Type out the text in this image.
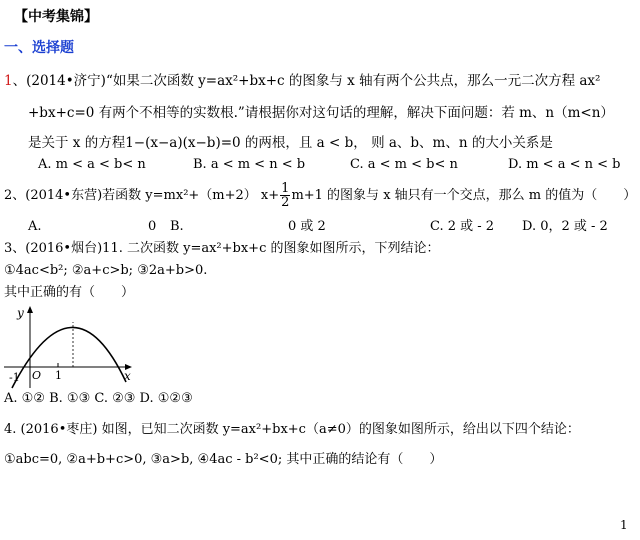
【中考集锦】
一、选择题
1、(2014•济宁)“如果二次函数 y=ax²+bx+c 的图象与 x 轴有两个公共点，那么一元二次方程 ax²
+bx+c=0 有两个不相等的实数根.”请根据你对这句话的理解，解决下面问题：若 m、n（m<n）
是关于 x 的方程1−(x−a)(x−b)=0 的两根，且 a < b， 则 a、b、m、n 的大小关系是
A. m < a < b< n	B. a < m < n < b	C. a < m < b< n	D. m < a < n < b
2、(2014•东营)若函数 y=mx²+（m+2） $x+ \frac{1}{2} m+1$ 的图象与 x 轴只有一个交点，那么 m 的值为（　　）
A.	0 B.	0 或 2	C. 2 或 - 2 D. 0，2 或 - 2
3、(2016•烟台)11. 二次函数 y=ax²+bx+c 的图象如图所示，下列结论：
①4ac<b²; ②a+c>b; ③2a+b>0.
其中正确的有（　　）
y
x
O
-1	1
A. ①② B. ①③ C. ②③ D. ①②③
4. (2016•枣庄) 如图，已知二次函数 y=ax²+bx+c（a≠0）的图象如图所示，给出以下四个结论：
①abc=0, ②a+b+c>0, ③a>b, ④4ac - b²<0; 其中正确的结论有（　　）
1
